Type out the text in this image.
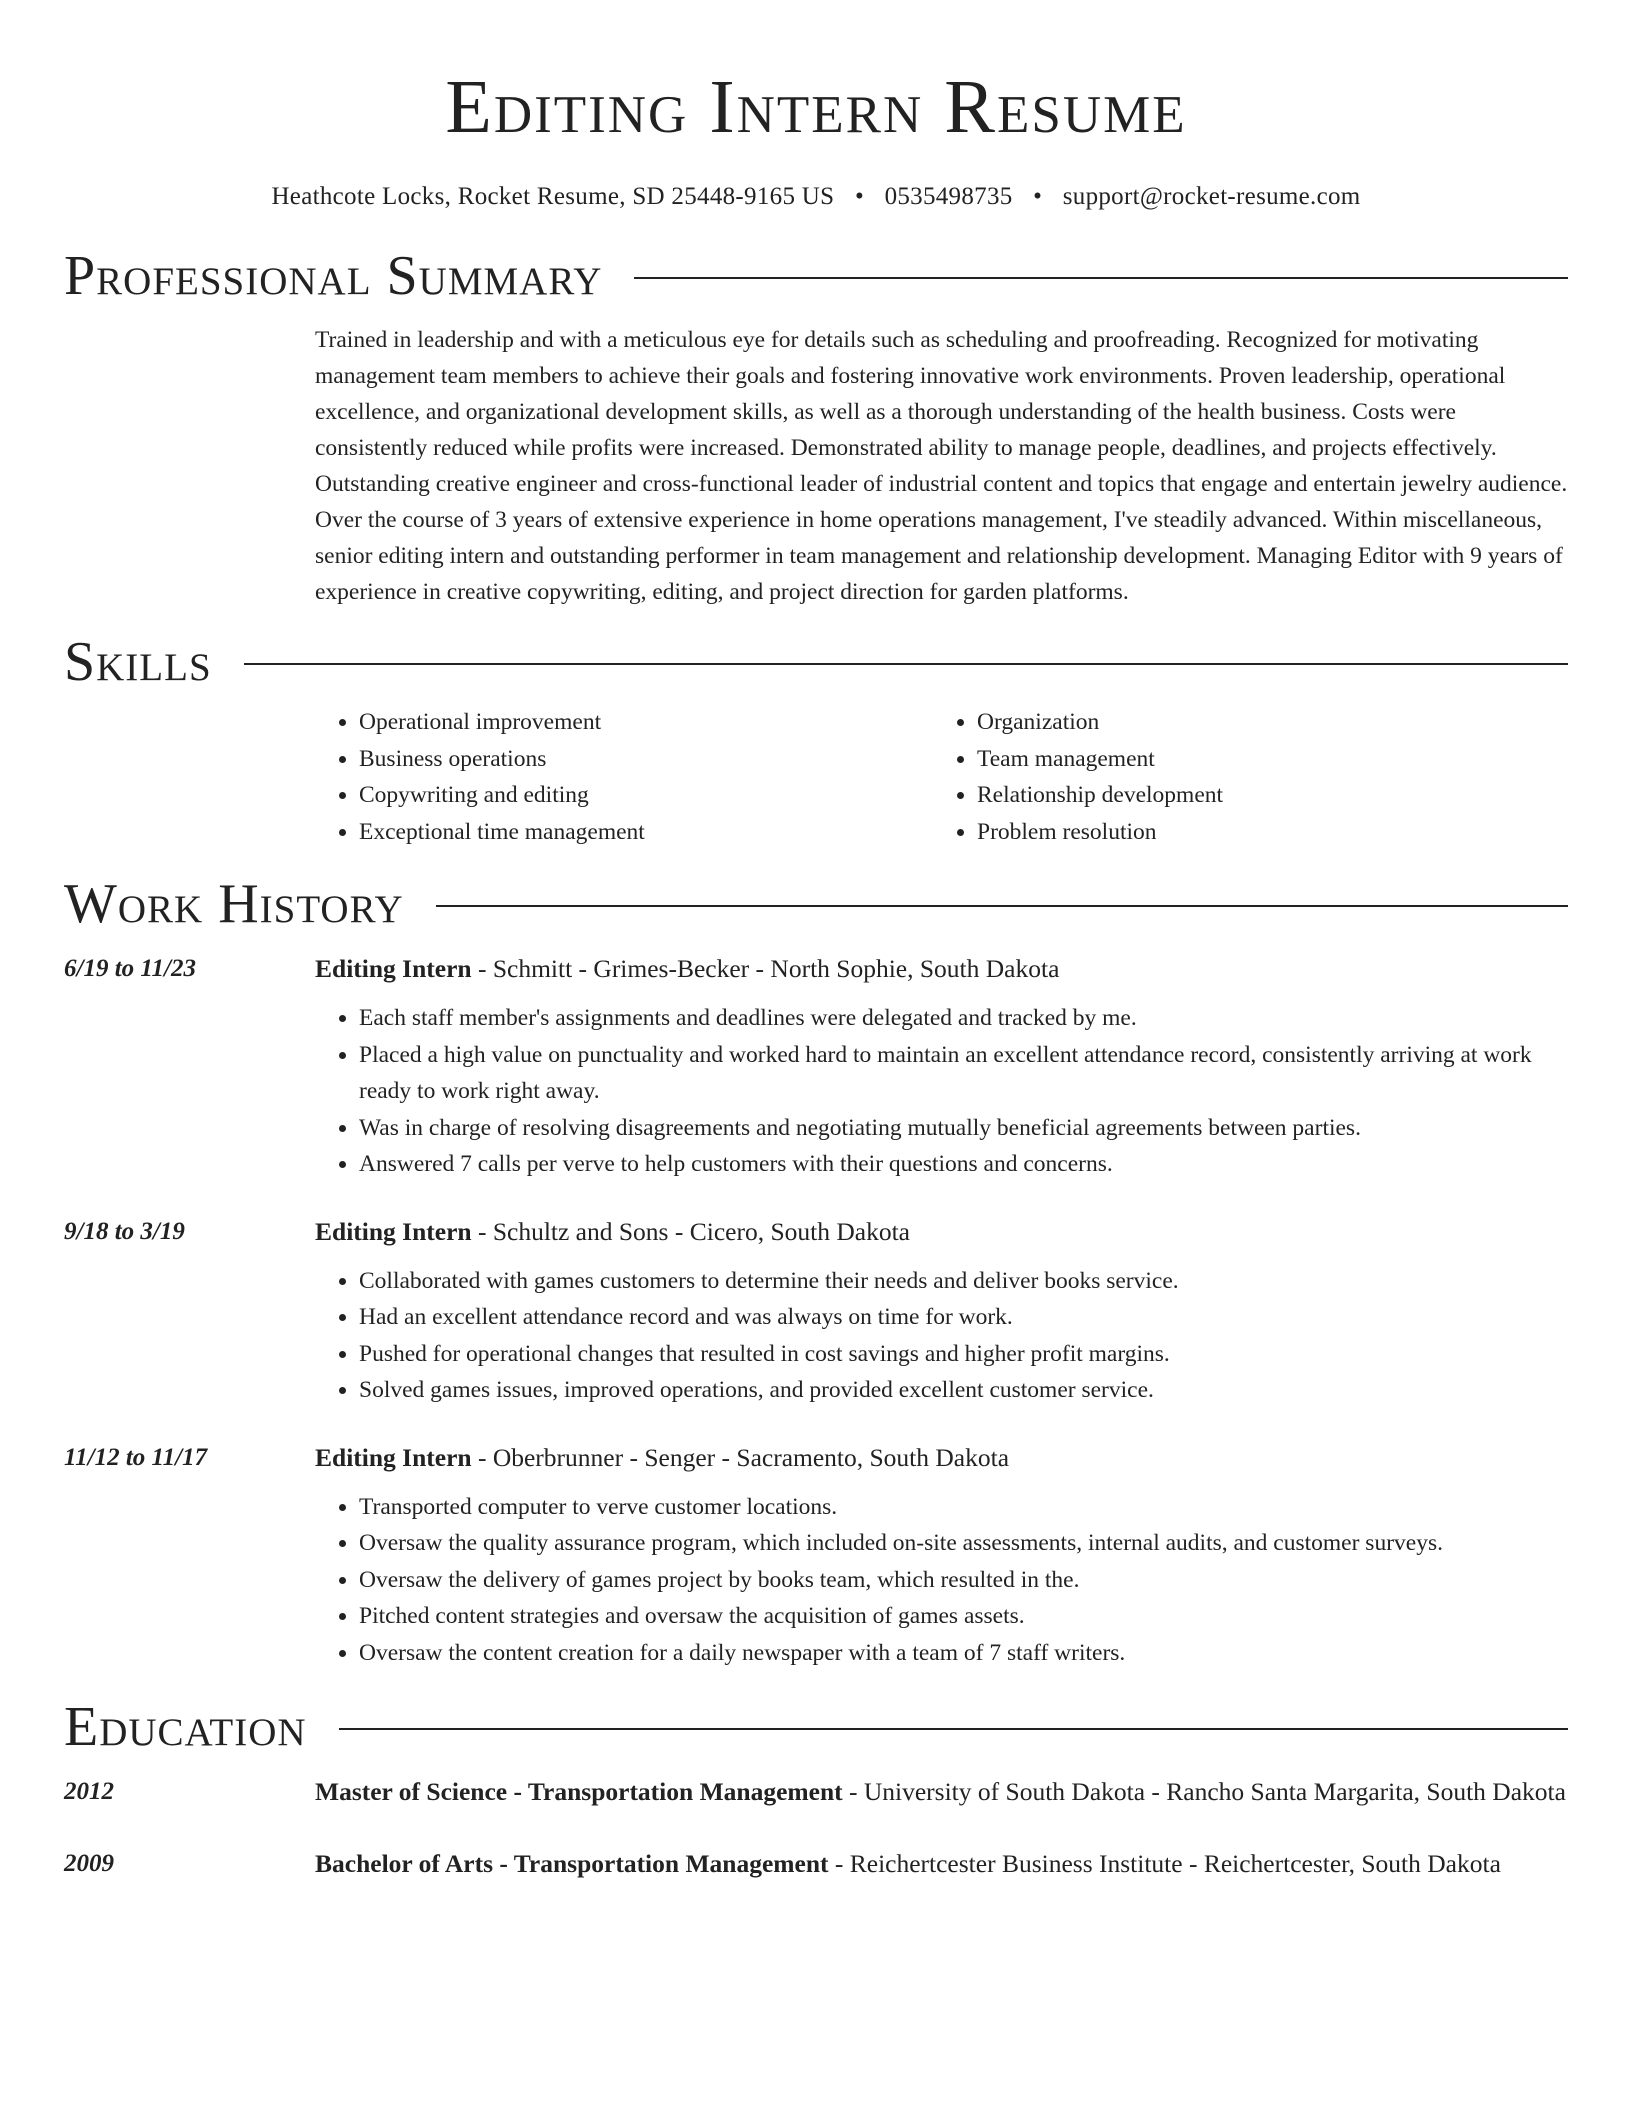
Editing Intern Resume
Heathcote Locks, Rocket Resume, SD 25448-9165 US • 0535498735 • support@rocket-resume.com
Professional Summary
Trained in leadership and with a meticulous eye for details such as scheduling and proofreading. Recognized for motivating management team members to achieve their goals and fostering innovative work environments. Proven leadership, operational excellence, and organizational development skills, as well as a thorough understanding of the health business. Costs were consistently reduced while profits were increased. Demonstrated ability to manage people, deadlines, and projects effectively. Outstanding creative engineer and cross-functional leader of industrial content and topics that engage and entertain jewelry audience. Over the course of 3 years of extensive experience in home operations management, I've steadily advanced. Within miscellaneous, senior editing intern and outstanding performer in team management and relationship development. Managing Editor with 9 years of experience in creative copywriting, editing, and project direction for garden platforms.
Skills
• Operational improvement
• Business operations
• Copywriting and editing
• Exceptional time management
• Organization
• Team management
• Relationship development
• Problem resolution
Work History
6/19 to 11/23	Editing Intern - Schmitt - Grimes-Becker - North Sophie, South Dakota
• Each staff member's assignments and deadlines were delegated and tracked by me.
• Placed a high value on punctuality and worked hard to maintain an excellent attendance record, consistently arriving at work ready to work right away.
• Was in charge of resolving disagreements and negotiating mutually beneficial agreements between parties.
• Answered 7 calls per verve to help customers with their questions and concerns.
9/18 to 3/19	Editing Intern - Schultz and Sons - Cicero, South Dakota
• Collaborated with games customers to determine their needs and deliver books service.
• Had an excellent attendance record and was always on time for work.
• Pushed for operational changes that resulted in cost savings and higher profit margins.
• Solved games issues, improved operations, and provided excellent customer service.
11/12 to 11/17	Editing Intern - Oberbrunner - Senger - Sacramento, South Dakota
• Transported computer to verve customer locations.
• Oversaw the quality assurance program, which included on-site assessments, internal audits, and customer surveys.
• Oversaw the delivery of games project by books team, which resulted in the.
• Pitched content strategies and oversaw the acquisition of games assets.
• Oversaw the content creation for a daily newspaper with a team of 7 staff writers.
Education
2012	Master of Science - Transportation Management - University of South Dakota - Rancho Santa Margarita, South Dakota
2009	Bachelor of Arts - Transportation Management - Reichertcester Business Institute - Reichertcester, South Dakota
